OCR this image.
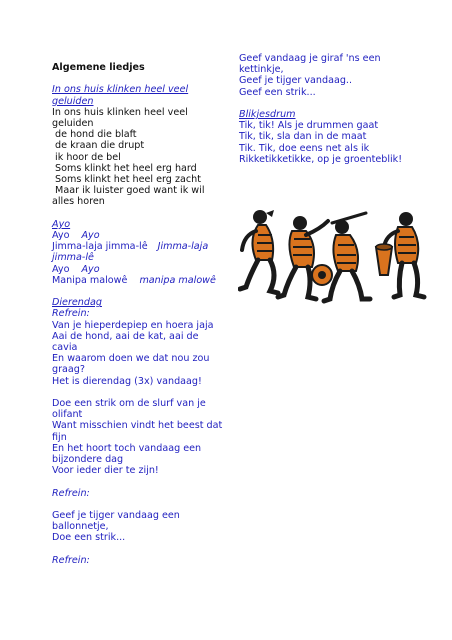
Algemene liedjes
In ons huis klinken heel veel
geluiden
In ons huis klinken heel veel
geluiden
de hond die blaft
de kraan die drupt
ik hoor de bel
Soms klinkt het heel erg hard
Soms klinkt het heel erg zacht
Maar ik luister goed want ik wil
alles horen
Ayo
Ayo Ayo
Jimma-laja jimma-lê Jimma-laja
jimma-lê
Ayo Ayo
Manipa malowê manipa malowê
Dierendag
Refrein:
Van je hieperdepiep en hoera jaja
Aai de hond, aai de kat, aai de
cavia
En waarom doen we dat nou zou
graag?
Het is dierendag (3x) vandaag!
Doe een strik om de slurf van je
olifant
Want misschien vindt het beest dat
fijn
En het hoort toch vandaag een
bijzondere dag
Voor ieder dier te zijn!
Refrein:
Geef je tijger vandaag een
ballonnetje,
Doe een strik...
Refrein:
Geef vandaag je giraf 'ns een
kettinkje,
Geef je tijger vandaag..
Geef een strik...
Blikjesdrum
Tik, tik! Als je drummen gaat
Tik, tik, sla dan in de maat
Tik. Tik, doe eens net als ik
Rikketikketikke, op je groenteblik!
